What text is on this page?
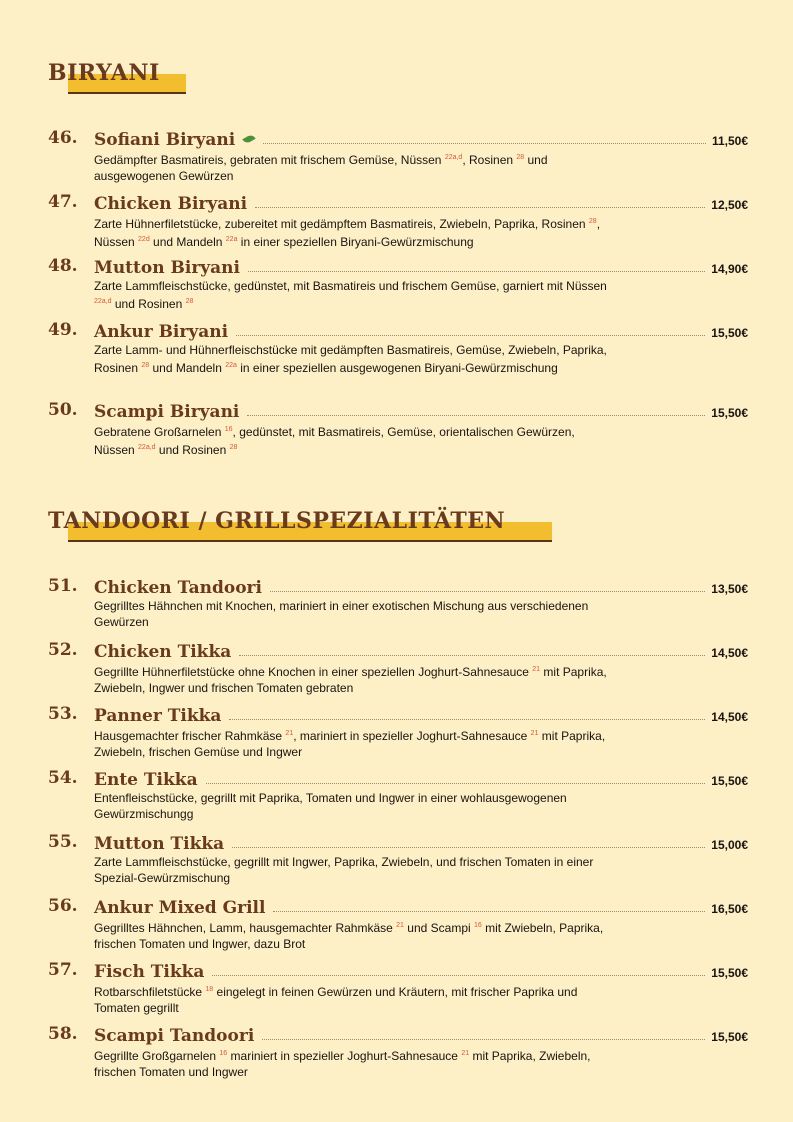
BIRYANI
46. Sofiani Biryani	11,50€
Gedämpfter Basmatireis, gebraten mit frischem Gemüse, Nüssen $^{22a,d}$, Rosinen $^{28}$ und ausgewogenen Gewürzen
47. Chicken Biryani	12,50€
Zarte Hühnerfiletstücke, zubereitet mit gedämpftem Basmatireis, Zwiebeln, Paprika, Rosinen $^{28}$, Nüssen $^{22d}$ und Mandeln $^{22a}$ in einer speziellen Biryani-Gewürzmischung
48. Mutton Biryani	14,90€
Zarte Lammfleischstücke, gedünstet, mit Basmatireis und frischem Gemüse, garniert mit Nüssen $^{22a,d}$ und Rosinen $^{28}$
49. Ankur Biryani	15,50€
Zarte Lamm- und Hühnerfleischstücke mit gedämpften Basmatireis, Gemüse, Zwiebeln, Paprika, Rosinen $^{28}$ und Mandeln $^{22a}$ in einer speziellen ausgewogenen Biryani-Gewürzmischung
50. Scampi Biryani	15,50€
Gebratene Großarnelen $^{16}$, gedünstet, mit Basmatireis, Gemüse, orientalischen Gewürzen, Nüssen $^{22a,d}$ und Rosinen $^{28}$
TANDOORI / GRILLSPEZIALITÄTEN
51. Chicken Tandoori	13,50€
Gegrilltes Hähnchen mit Knochen, mariniert in einer exotischen Mischung aus verschiedenen Gewürzen
52. Chicken Tikka	14,50€
Gegrillte Hühnerfiletstücke ohne Knochen in einer speziellen Joghurt-Sahnesauce $^{21}$ mit Paprika, Zwiebeln, Ingwer und frischen Tomaten gebraten
53. Panner Tikka	14,50€
Hausgemachter frischer Rahmkäse $^{21}$, mariniert in spezieller Joghurt-Sahnesauce $^{21}$ mit Paprika, Zwiebeln, frischen Gemüse und Ingwer
54. Ente Tikka	15,50€
Entenfleischstücke, gegrillt mit Paprika, Tomaten und Ingwer in einer wohlausgewogenen Gewürzmischungg
55. Mutton Tikka	15,00€
Zarte Lammfleischstücke, gegrillt mit Ingwer, Paprika, Zwiebeln, und frischen Tomaten in einer Spezial-Gewürzmischung
56. Ankur Mixed Grill	16,50€
Gegrilltes Hähnchen, Lamm, hausgemachter Rahmkäse $^{21}$ und Scampi $^{16}$ mit Zwiebeln, Paprika, frischen Tomaten und Ingwer, dazu Brot
57. Fisch Tikka	15,50€
Rotbarschfiletstücke $^{18}$ eingelegt in feinen Gewürzen und Kräutern, mit frischer Paprika und Tomaten gegrillt
58. Scampi Tandoori	15,50€
Gegrillte Großgarnelen $^{16}$ mariniert in spezieller Joghurt-Sahnesauce $^{21}$ mit Paprika, Zwiebeln, frischen Tomaten und Ingwer
